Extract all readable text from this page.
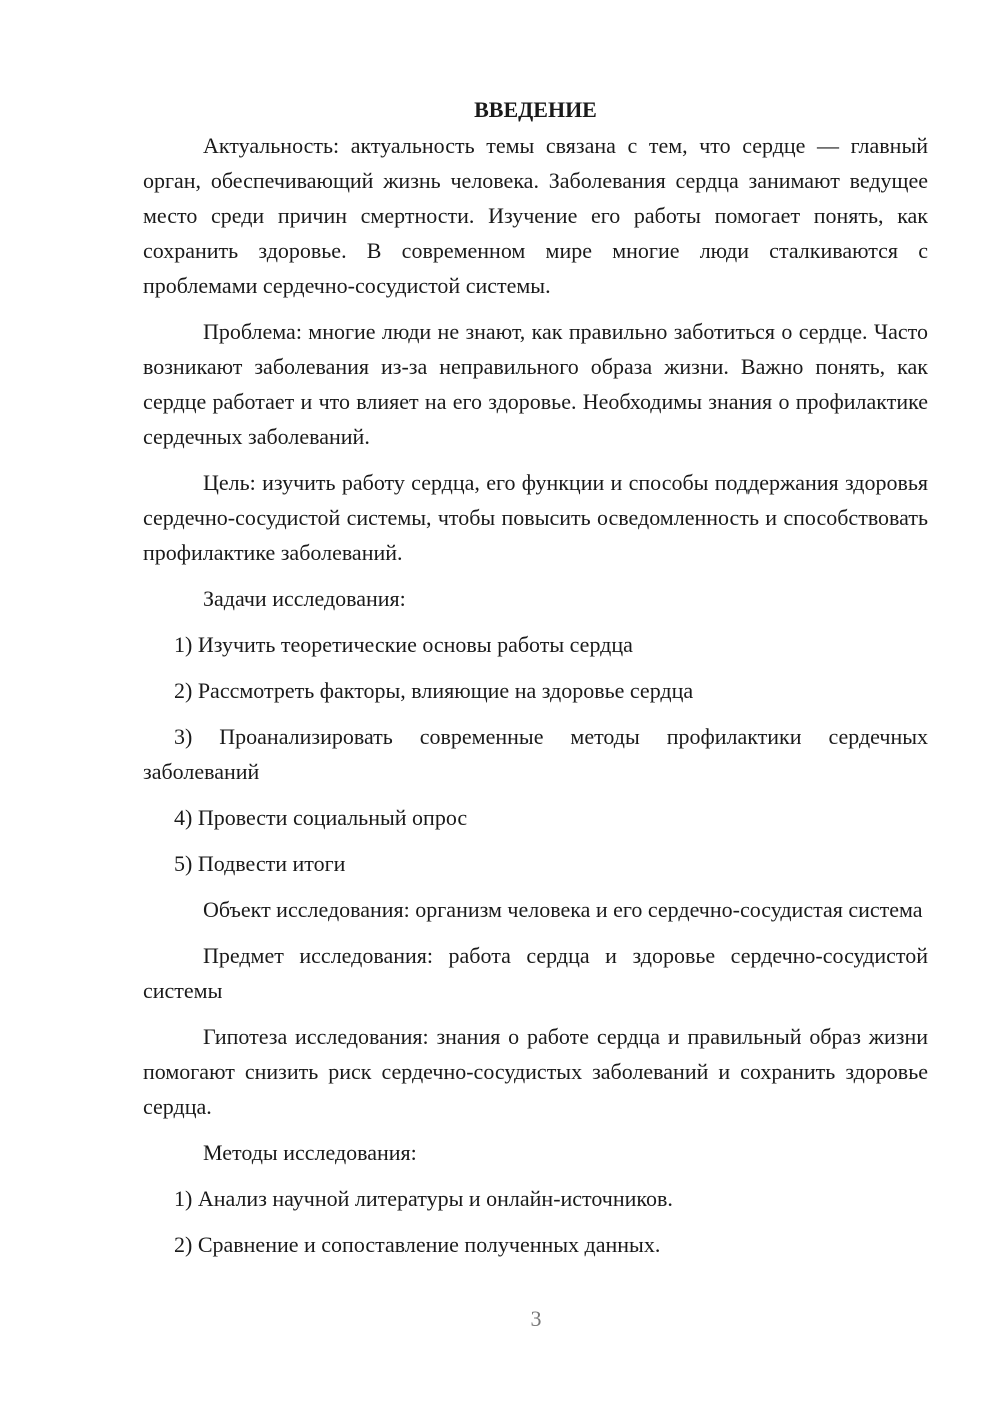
ВВЕДЕНИЕ

Актуальность: актуальность темы связана с тем, что сердце — главный орган, обеспечивающий жизнь человека. Заболевания сердца занимают ведущее место среди причин смертности. Изучение его работы помогает понять, как сохранить здоровье. В современном мире многие люди сталкиваются с проблемами сердечно-сосудистой системы.

Проблема: многие люди не знают, как правильно заботиться о сердце. Часто возникают заболевания из-за неправильного образа жизни. Важно понять, как сердце работает и что влияет на его здоровье. Необходимы знания о профилактике сердечных заболеваний.

Цель: изучить работу сердца, его функции и способы поддержания здоровья сердечно-сосудистой системы, чтобы повысить осведомленность и способствовать профилактике заболеваний.

Задачи исследования:

1) Изучить теоретические основы работы сердца

2) Рассмотреть факторы, влияющие на здоровье сердца

3) Проанализировать современные методы профилактики сердечных заболеваний

4) Провести социальный опрос

5) Подвести итоги

Объект исследования: организм человека и его сердечно-сосудистая система

Предмет исследования: работа сердца и здоровье сердечно-сосудистой системы

Гипотеза исследования: знания о работе сердца и правильный образ жизни помогают снизить риск сердечно-сосудистых заболеваний и сохранить здоровье сердца.

Методы исследования:

1) Анализ научной литературы и онлайн-источников.

2) Сравнение и сопоставление полученных данных.

3
